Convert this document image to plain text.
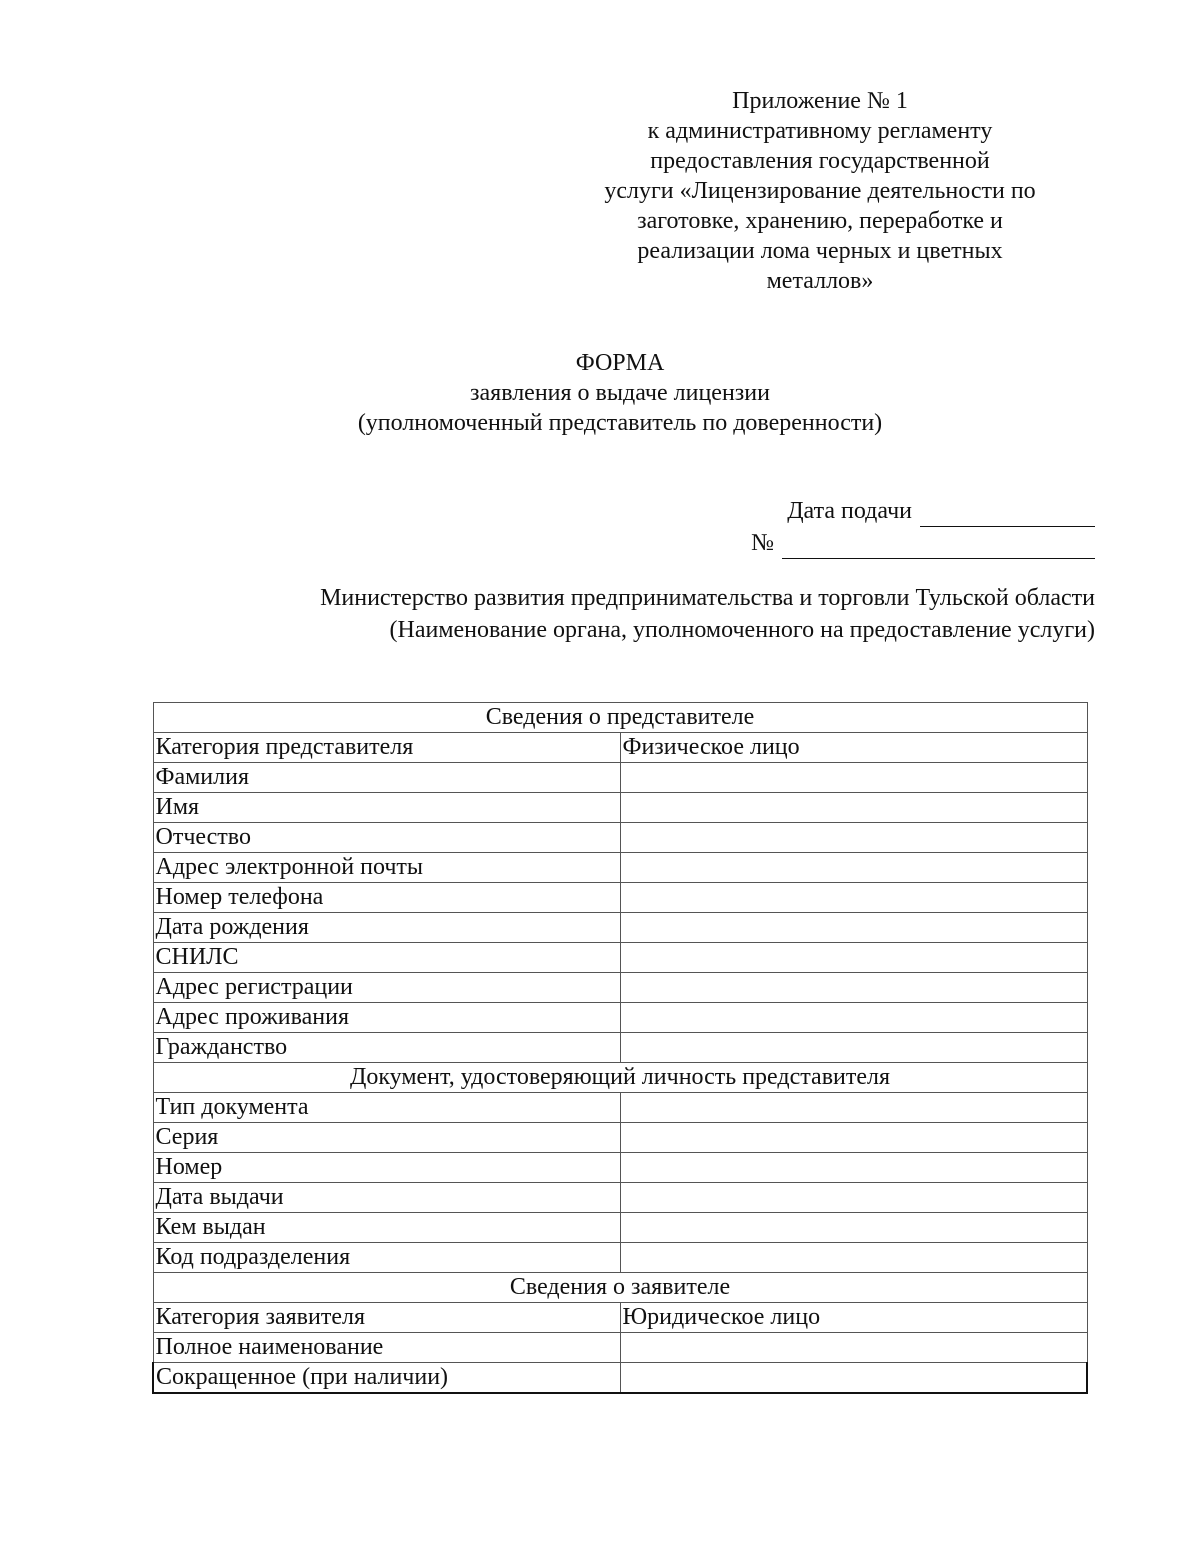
Приложение № 1
к административному регламенту
предоставления государственной
услуги «Лицензирование деятельности по
заготовке, хранению, переработке и
реализации лома черных и цветных
металлов»
ФОРМА
заявления о выдаче лицензии
(уполномоченный представитель по доверенности)
Дата подачи
№
Министерство развития предпринимательства и торговли Тульской области
(Наименование органа, уполномоченного на предоставление услуги)
Сведения о представителе	
Категория представителя	Физическое лицо
Фамилия	
Имя	
Отчество	
Адрес электронной почты	
Номер телефона	
Дата рождения	
СНИЛС	
Адрес регистрации	
Адрес проживания	
Гражданство	
Документ, удостоверяющий личность представителя	
Тип документа	
Серия	
Номер	
Дата выдачи	
Кем выдан	
Код подразделения	
Сведения о заявителе	
Категория заявителя	Юридическое лицо
Полное наименование	
Сокращенное (при наличии)	
